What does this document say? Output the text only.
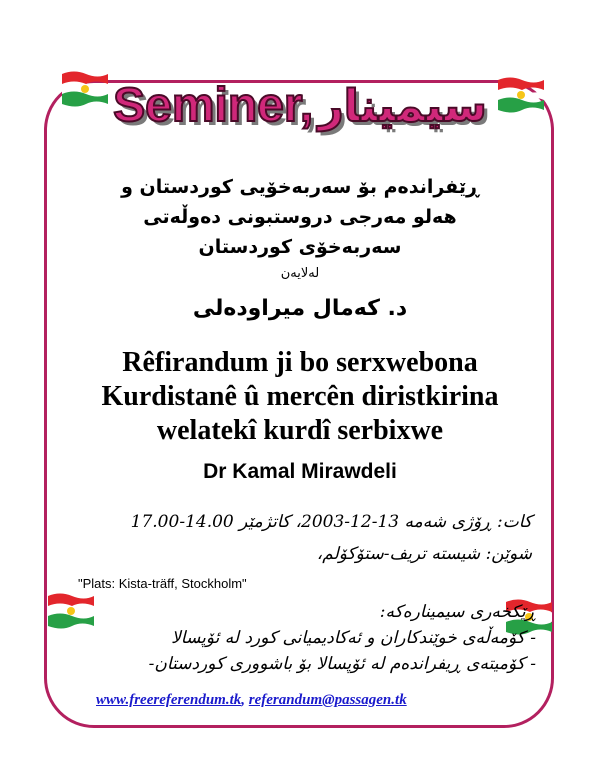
Seminer, سیمینار
ڕێفراندەم بۆ سەربەخۆیی کوردستان و
هەلو مەرجی دروستبونی دەوڵەتی
سەربەخۆی کوردستان
لەلایەن
د. کەمال میراودەلی
Rêfirandum ji bo serxwebona
Kurdistanê û mercên diristkirina
welatekî kurdî serbixwe
Dr Kamal Mirawdeli
کات: ڕۆژی شەمە 13-12-2003، کاتژمێر 14.00-17.00
شوێن: شیستە تریف-ستۆکۆلم،
"Plats: Kista-träff, Stockholm"
ڕێکخەری سیمینارەکە:
- کۆمەڵەی خوێندکاران و ئەکادیمیانی کورد لە ئۆپسالا
- کۆمیتەی ڕیفراندەم لە ئۆپسالا بۆ باشووری کوردستان-
www.freereferendum.tk, referandum@passagen.tk
